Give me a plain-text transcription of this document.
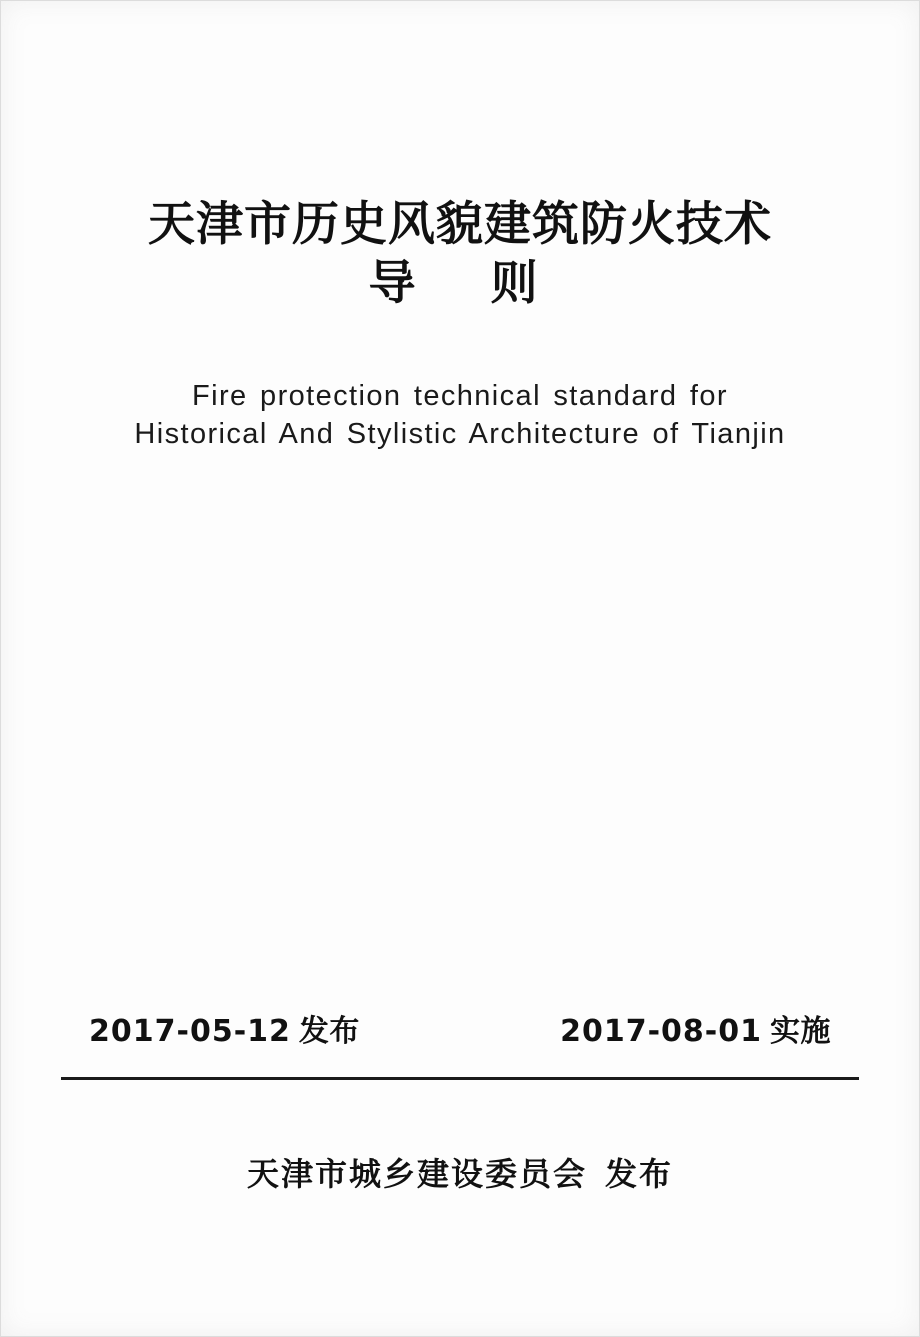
天津市历史风貌建筑防火技术
导　则
Fire protection technical standard for
Historical And Stylistic Architecture of Tianjin
2017-05-12 发布	2017-08-01 实施
天津市城乡建设委员会 发布
